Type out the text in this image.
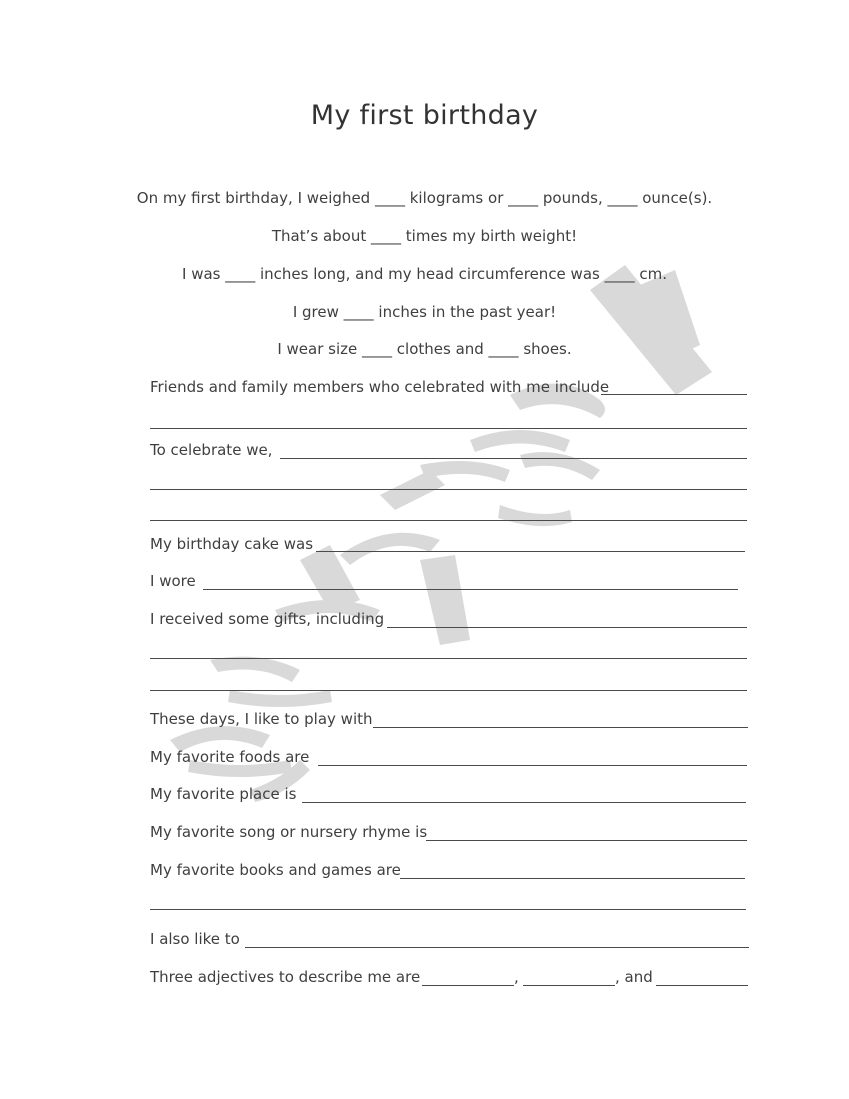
My first birthday
On my first birthday, I weighed ____ kilograms or ____ pounds, ____ ounce(s).
That’s about ____ times my birth weight!
I was ____ inches long, and my head circumference was ____ cm.
I grew ____ inches in the past year!
I wear size ____ clothes and ____ shoes.
Friends and family members who celebrated with me include
To celebrate we,
My birthday cake was
I wore
I received some gifts, including
These days, I like to play with
My favorite foods are
My favorite place is
My favorite song or nursery rhyme is
My favorite books and games are
I also like to
Three adjectives to describe me are	,	, and
